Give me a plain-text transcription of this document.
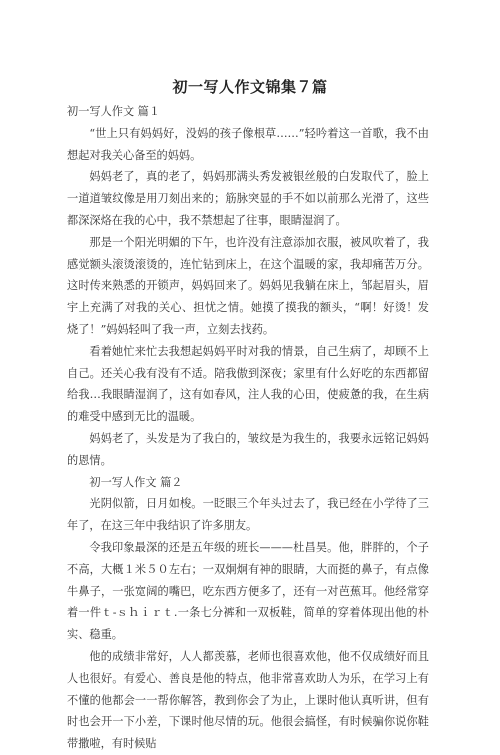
初一写人作文锦集７篇

初一写人作文 篇１

“世上只有妈妈好，没妈的孩子像根草……”轻吟着这一首歌，我不由想起对我关心备至的妈妈。

妈妈老了，真的老了，妈妈那满头秀发被银丝般的白发取代了，脸上一道道皱纹像是用刀刻出来的；筋脉突显的手不如以前那么光滑了，这些都深深烙在我的心中，我不禁想起了往事，眼睛湿润了。

那是一个阳光明媚的下午，也许没有注意添加衣服，被风吹着了，我感觉额头滚烫滚烫的，连忙钻到床上，在这个温暖的家，我却痛苦万分。这时传来熟悉的开锁声，妈妈回来了。妈妈见我躺在床上，邹起眉头，眉宇上充满了对我的关心、担忧之情。她摸了摸我的额头，“啊！好烫！发烧了！”妈妈轻叫了我一声，立刻去找药。

看着她忙来忙去我想起妈妈平时对我的情景，自己生病了，却顾不上自己。还关心我有没有不适。陪我傲到深夜；家里有什么好吃的东西都留给我…我眼睛湿润了，这有如春风，注人我的心田，使疲惫的我，在生病的难受中感到无比的温暖。

妈妈老了，头发是为了我白的，皱纹是为我生的，我要永远铭记妈妈的恩情。

初一写人作文 篇２

光阴似箭，日月如梭。一眨眼三个年头过去了，我已经在小学待了三年了，在这三年中我结识了许多朋友。

令我印象最深的还是五年级的班长———杜昌昊。他，胖胖的，个子不高，大概１米５０左右；一双炯炯有神的眼睛，大而挺的鼻子，有点像牛鼻子，一张宽阔的嘴巴，吃东西方便多了，还有一对芭蕉耳。他经常穿着一件ｔ-ｓｈｉｒｔ.一条七分裤和一双板鞋，简单的穿着体现出他的朴实、稳重。

他的成绩非常好，人人都羡慕，老师也很喜欢他，他不仅成绩好而且人也很好。有爱心、善良是他的特点，他非常喜欢助人为乐，在学习上有不懂的他都会一一帮你解答，教到你会了为止，上课时他认真听讲，但有时也会开一下小差，下课时他尽情的玩。他很会搞怪，有时候骗你说你鞋带撒啦，有时候贴
